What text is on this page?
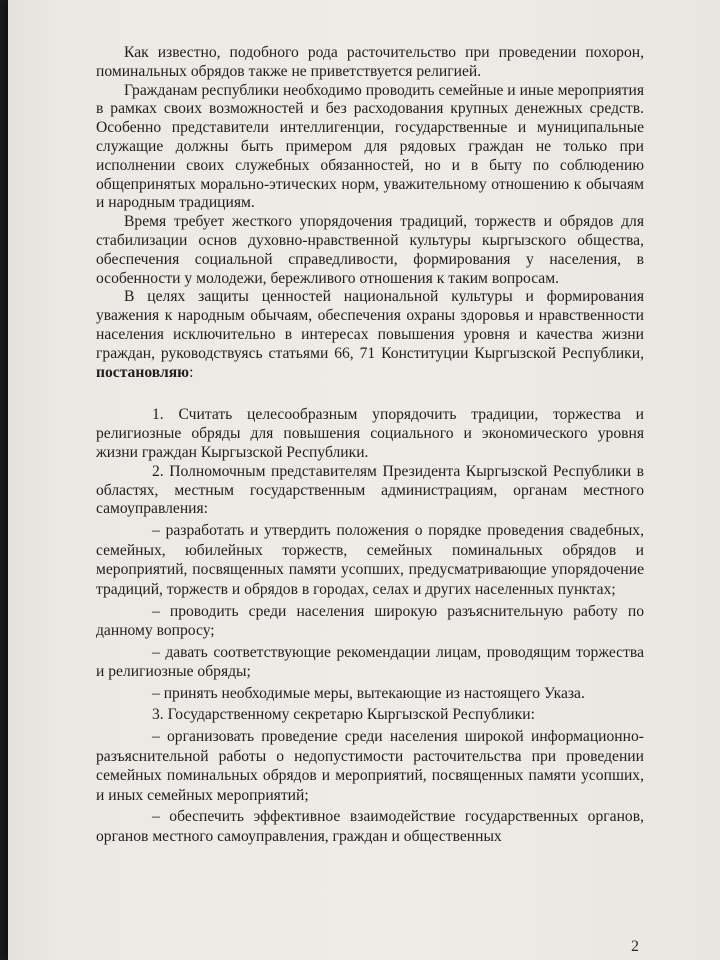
Как известно, подобного рода расточительство при проведении похорон, поминальных обрядов также не приветствуется религией.

Гражданам республики необходимо проводить семейные и иные мероприятия в рамках своих возможностей и без расходования крупных денежных средств. Особенно представители интеллигенции, государственные и муниципальные служащие должны быть примером для рядовых граждан не только при исполнении своих служебных обязанностей, но и в быту по соблюдению общепринятых морально-этических норм, уважительному отношению к обычаям и народным традициям.

Время требует жесткого упорядочения традиций, торжеств и обрядов для стабилизации основ духовно-нравственной культуры кыргызского общества, обеспечения социальной справедливости, формирования у населения, в особенности у молодежи, бережливого отношения к таким вопросам.

В целях защиты ценностей национальной культуры и формирования уважения к народным обычаям, обеспечения охраны здоровья и нравственности населения исключительно в интересах повышения уровня и качества жизни граждан, руководствуясь статьями 66, 71 Конституции Кыргызской Республики, постановляю:

1. Считать целесообразным упорядочить традиции, торжества и религиозные обряды для повышения социального и экономического уровня жизни граждан Кыргызской Республики.

2. Полномочным представителям Президента Кыргызской Республики в областях, местным государственным администрациям, органам местного самоуправления:

– разработать и утвердить положения о порядке проведения свадебных, семейных, юбилейных торжеств, семейных поминальных обрядов и мероприятий, посвященных памяти усопших, предусматривающие упорядочение традиций, торжеств и обрядов в городах, селах и других населенных пунктах;

– проводить среди населения широкую разъяснительную работу по данному вопросу;

– давать соответствующие рекомендации лицам, проводящим торжества и религиозные обряды;

– принять необходимые меры, вытекающие из настоящего Указа.

3. Государственному секретарю Кыргызской Республики:

– организовать проведение среди населения широкой информационно-разъяснительной работы о недопустимости расточительства при проведении семейных поминальных обрядов и мероприятий, посвященных памяти усопших, и иных семейных мероприятий;

– обеспечить эффективное взаимодействие государственных органов, органов местного самоуправления, граждан и общественных

2
